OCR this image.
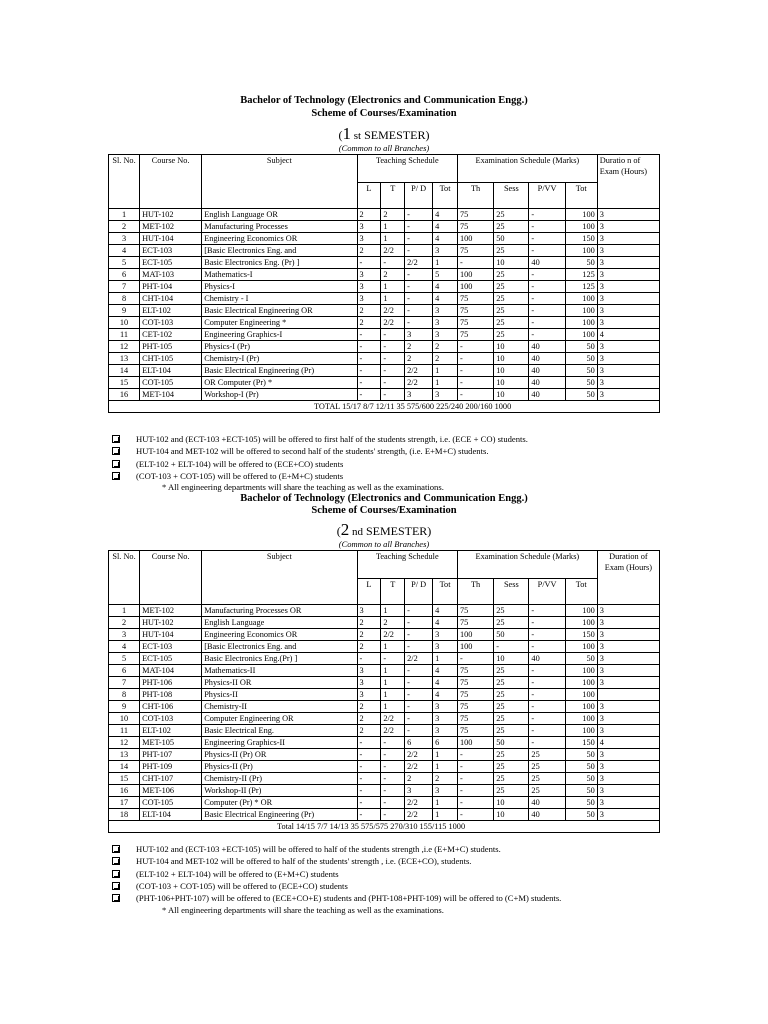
Bachelor of Technology (Electronics and Communication Engg.)
Scheme of Courses/Examination
(1 st SEMESTER)
(Common to all Branches)
Sl. No.	Course No.	Subject	Teaching Schedule				Examination Schedule (Marks)				Duratio n of Exam (Hours)
			L	T	P/ D	Tot	Th	Sess	P/VV	Tot	
1	HUT-102	English Language OR	2	2	-	4	75	25	-	100	3
2	MET-102	Manufacturing Processes	3	1	-	4	75	25	-	100	3
3	HUT-104	Engineering Economics OR	3	1	-	4	100	50	-	150	3
4	ECT-103	[Basic Electronics Eng. and	2	2/2	-	3	75	25	-	100	3
5	ECT-105	Basic Electronics Eng. (Pr) ]	-	-	2/2	1	-	10	40	50	3
6	MAT-103	Mathematics-I	3	2	-	5	100	25	-	125	3
7	PHT-104	Physics-I	3	1	-	4	100	25	-	125	3
8	CHT-104	Chemistry - I	3	1	-	4	75	25	-	100	3
9	ELT-102	Basic Electrical Engineering OR	2	2/2	-	3	75	25	-	100	3
10	COT-103	Computer Engineering *	2	2/2	-	3	75	25	-	100	3
11	CET-102	Engineering Graphics-I	-	-	3	3	75	25	-	100	4
12	PHT-105	Physics-I (Pr)	-	-	2	2	-	10	40	50	3
13	CHT-105	Chemistry-I (Pr)	-	-	2	2	-	10	40	50	3
14	ELT-104	Basic Electrical Engineering (Pr)	-	-	2/2	1	-	10	40	50	3
15	COT-105	OR Computer (Pr) *	-	-	2/2	1	-	10	40	50	3
16	MET-104	Workshop-I (Pr)	-	-	3	3	-	10	40	50	3
TOTAL 15/17 8/7 12/11 35 575/600 225/240 200/160 1000											
HUT-102 and (ECT-103 +ECT-105) will be offered to first half of the students strength, i.e. (ECE + CO) students.
HUT-104 and MET-102 will be offered to second half of the students' strength, (i.e. E+M+C) students.
(ELT-102 + ELT-104) will be offered to (ECE+CO) students
(COT-103 + COT-105) will be offered to (E+M+C) students
* All engineering departments will share the teaching as well as the examinations.
Bachelor of Technology (Electronics and Communication Engg.)
Scheme of Courses/Examination
(2 nd SEMESTER)
(Common to all Branches)
Sl. No.	Course No.	Subject	Teaching Schedule				Examination Schedule (Marks)				Duration of Exam (Hours)
			L	T	P/ D	Tot	Th	Sess	P/VV	Tot	
1	MET-102	Manufacturing Processes OR	3	1	-	4	75	25	-	100	3
2	HUT-102	English Language	2	2	-	4	75	25	-	100	3
3	HUT-104	Engineering Economics OR	2	2/2	-	3	100	50	-	150	3
4	ECT-103	[Basic Electronics Eng. and	2	1	-	3	100	-	-	100	3
5	ECT-105	Basic Electronics Eng.(Pr) ]	-	-	2/2	1	-	10	40	50	3
6	MAT-104	Mathematics-II	3	1	-	4	75	25	-	100	3
7	PHT-106	Physics-II OR	3	1	-	4	75	25	-	100	3
8	PHT-108	Physics-II	3	1	-	4	75	25	-	100	
9	CHT-106	Chemistry-II	2	1	-	3	75	25	-	100	3
10	COT-103	Computer Engineering OR	2	2/2	-	3	75	25	-	100	3
11	ELT-102	Basic Electrical Eng.	2	2/2	-	3	75	25	-	100	3
12	MET-105	Engineering Graphics-II	-	-	6	6	100	50	-	150	4
13	PHT-107	Physics-II (Pr) OR	-	-	2/2	1	-	25	25	50	3
14	PHT-109	Physics-II (Pr)	-	-	2/2	1	-	25	25	50	3
15	CHT-107	Chemistry-II (Pr)	-	-	2	2	-	25	25	50	3
16	MET-106	Workshop-II (Pr)	-	-	3	3	-	25	25	50	3
17	COT-105	Computer (Pr) * OR	-	-	2/2	1	-	10	40	50	3
18	ELT-104	Basic Electrical Engineering (Pr)	-	-	2/2	1	-	10	40	50	3
Total 14/15 7/7 14/13 35 575/575 270/310 155/115 1000											
HUT-102 and (ECT-103 +ECT-105) will be offered to half of the students strength ,i.e (E+M+C) students.
HUT-104 and MET-102 will be offered to half of the students' strength , i.e. (ECE+CO), students.
(ELT-102 + ELT-104) will be offered to (E+M+C) students
(COT-103 + COT-105) will be offered to (ECE+CO) students
(PHT-106+PHT-107) will be offered to (ECE+CO+E) students and (PHT-108+PHT-109) will be offered to (C+M) students.
* All engineering departments will share the teaching as well as the examinations.
